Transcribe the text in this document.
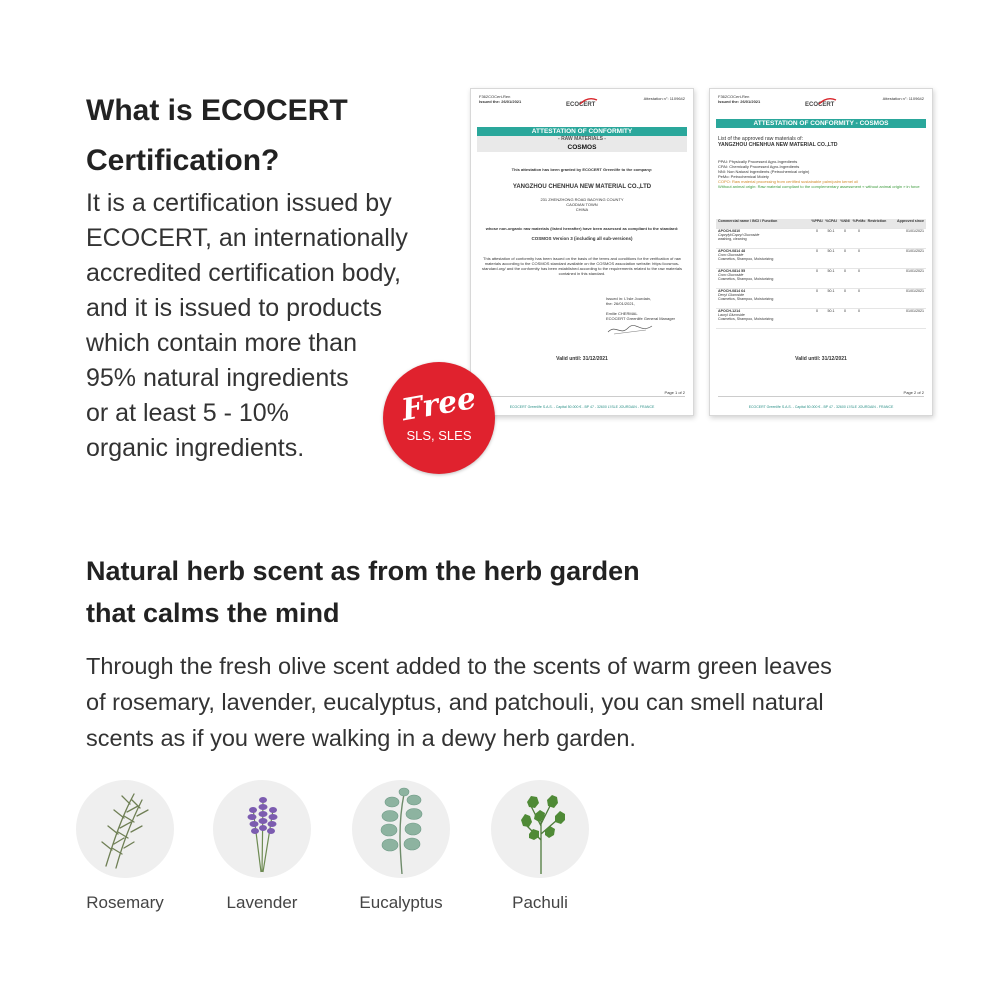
What is ECOCERT
Certification?

It is a certification issued by
ECOCERT, an internationally
accredited certification body,
and it is issued to products
which contain more than
95% natural ingredients
or at least 5 - 10%
organic ingredients.

F362COCert-Ren
Issued the: 26/01/2021
Attestation n°: 1109642
ECOCERT
ATTESTATION OF CONFORMITY
- RAW MATERIALS -
COSMOS
This attestation has been granted by ECOCERT Greenlife to the company:
YANGZHOU CHENHUA NEW MATERIAL CO.,LTD
231 ZHENZHONG ROAD BAOYING COUNTY
CAODIAN TOWN
CHINA
whose non-organic raw materials (listed hereafter) have been assessed as compliant to the standard:
COSMOS Version 3 (including all sub-versions)
This attestation of conformity has been issued on the basis of the terms and conditions for the verification of raw materials according to the COSMOS standard available on the COSMOS association website: https://cosmos-standard.org/ and the conformity has been established according to the requirements related to the raw materials contained in this standard.
Issued in: L'Isle Jourdain,
the: 26/01/2021,
Emilie CHERMAL
ECOCERT Greenlife General Manager
Valid until: 31/12/2021
Page 1 of 2
ECOCERT Greenlife S.A.S. - Capital 50.000 € - BP 47 - 32600 L'ISLE JOURDAIN - FRANCE
F362COCert-Ren
Issued the: 26/01/2021
Attestation n°: 1109642
ECOCERT
ATTESTATION OF CONFORMITY - COSMOS
List of the approved raw materials of:
YANGZHOU CHENHUA NEW MATERIAL CO.,LTD
PPAI: Physically Processed Agro-Ingredients
CPAI: Chemically Processed Agro-Ingredients
NNI: Non Natural Ingredients (Petrochemical origin)
PeMo: Petrochemical Moiety
COPO: Raw material processing from certified sustainable palm/palm kernel oil
Without animal origin: Raw material compliant to the complementary assessment « without animal origin » in force
Commercial name / INCI / Function	%PPAI %CPAI %NNI %PeMo Restriction	Approved since
APOCH-0810
Caprylyl/Capryl Glucoside
washing, cleaning
0	50.1	0	0	01/01/2021
APOCH-0814 48
Coco Glucoside
Cosmetics, Shampoo, Moisturizing
0	50.1	0	0	01/01/2021
APOCH-0814 55
Coco Glucoside
Cosmetics, Shampoo, Moisturizing
0	50.1	0	0	01/01/2021
APOCH-0814 64
Decyl Glucoside
Cosmetics, Shampoo, Moisturizing
0	50.1	0	0	01/01/2021
APOCH-1214
Lauryl Glucoside
Cosmetics, Shampoo, Moisturizing
0	50.1	0	0	01/01/2021
Valid until: 31/12/2021
Page 2 of 2
ECOCERT Greenlife S.A.S. - Capital 50.000 € - BP 47 - 32600 L'ISLE JOURDAIN - FRANCE
Free
SLS, SLES
Natural herb scent as from the herb garden
that calms the mind

Through the fresh olive scent added to the scents of warm green leaves
of rosemary, lavender, eucalyptus, and patchouli, you can smell natural
scents as if you were walking in a dewy herb garden.

Rosemary	Lavender	Eucalyptus	Pachuli
